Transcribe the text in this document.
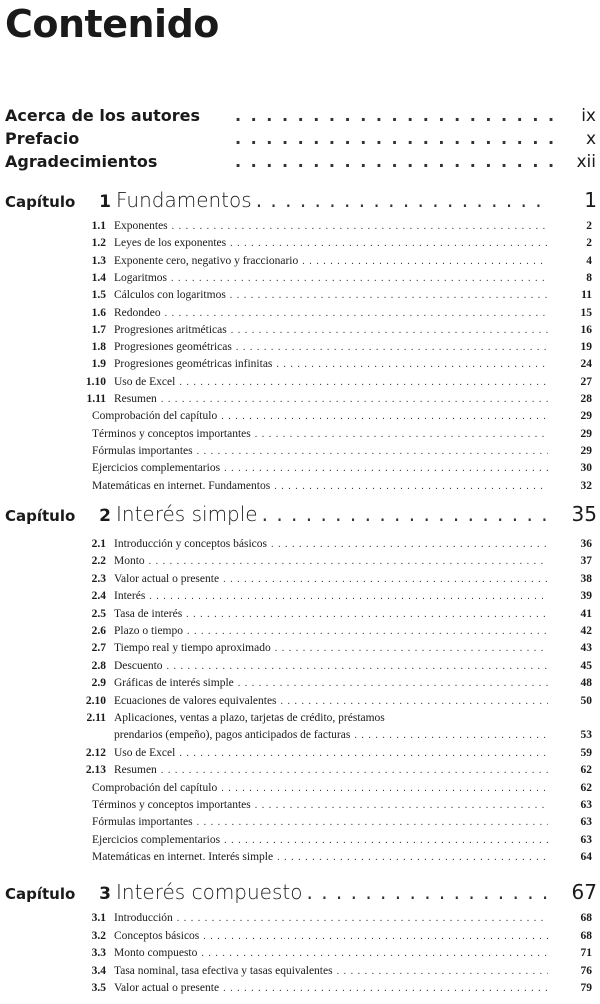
Contenido
Acerca de los autores . . .	ix
Prefacio . . .	x
Agradecimientos . . .	xii
Capítulo	1 Fundamentos . . .	1
1.1 Exponentes . . .	2
1.2 Leyes de los exponentes . . .	2
1.3 Exponente cero, negativo y fraccionario . . .	4
1.4 Logaritmos . . .	8
1.5 Cálculos con logaritmos . . .	11
1.6 Redondeo . . .	15
1.7 Progresiones aritméticas . . .	16
1.8 Progresiones geométricas . . .	19
1.9 Progresiones geométricas infinitas . . .	24
1.10 Uso de Excel . . .	27
1.11 Resumen . . .	28
Comprobación del capítulo . . .	29
Términos y conceptos importantes . . .	29
Fórmulas importantes . . .	29
Ejercicios complementarios . . .	30
Matemáticas en internet. Fundamentos . . .	32
Capítulo	2 Interés simple . . .	35
2.1 Introducción y conceptos básicos . . .	36
2.2 Monto . . .	37
2.3 Valor actual o presente . . .	38
2.4 Interés . . .	39
2.5 Tasa de interés . . .	41
2.6 Plazo o tiempo . . .	42
2.7 Tiempo real y tiempo aproximado . . .	43
2.8 Descuento . . .	45
2.9 Gráficas de interés simple . . .	48
2.10 Ecuaciones de valores equivalentes . . .	50
2.11 Aplicaciones, ventas a plazo, tarjetas de crédito, préstamos
prendarios (empeño), pagos anticipados de facturas . . .	53
2.12 Uso de Excel . . .	59
2.13 Resumen . . .	62
Comprobación del capítulo . . .	62
Términos y conceptos importantes . . .	63
Fórmulas importantes . . .	63
Ejercicios complementarios . . .	63
Matemáticas en internet. Interés simple . . .	64
Capítulo	3 Interés compuesto . . .	67
3.1 Introducción . . .	68
3.2 Conceptos básicos . . .	68
3.3 Monto compuesto . . .	71
3.4 Tasa nominal, tasa efectiva y tasas equivalentes . . .	76
3.5 Valor actual o presente . . .	79
